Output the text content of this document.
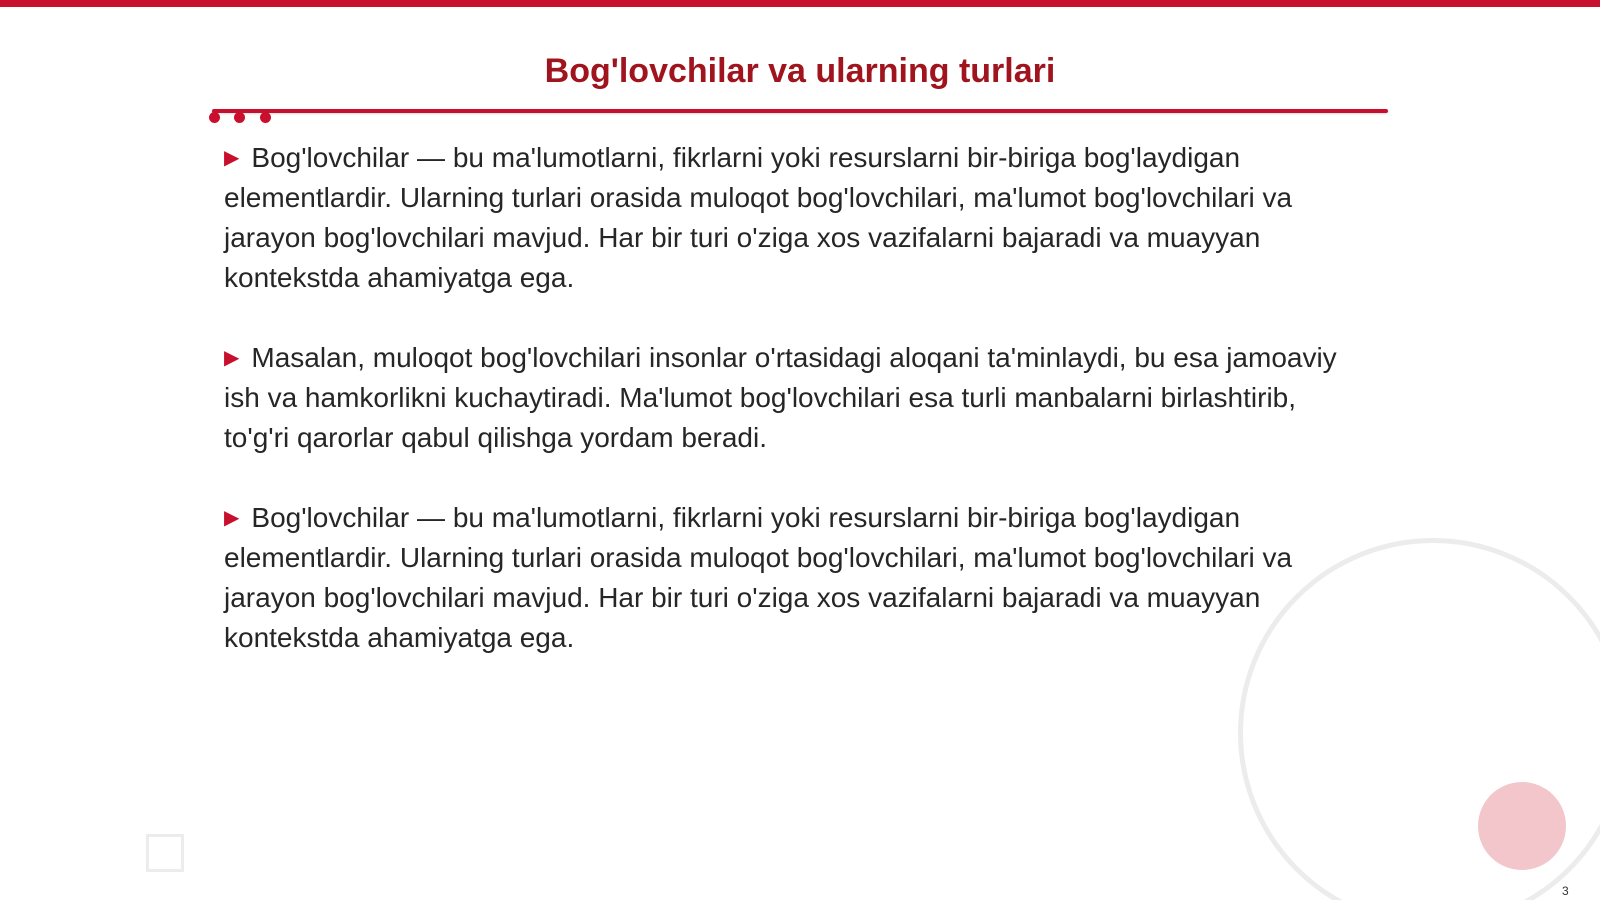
Bog'lovchilar va ularning turlari

▶ Bog'lovchilar — bu ma'lumotlarni, fikrlarni yoki resurslarni bir-biriga bog'laydigan elementlardir. Ularning turlari orasida muloqot bog'lovchilari, ma'lumot bog'lovchilari va jarayon bog'lovchilari mavjud. Har bir turi o'ziga xos vazifalarni bajaradi va muayyan kontekstda ahamiyatga ega.

▶ Masalan, muloqot bog'lovchilari insonlar o'rtasidagi aloqani ta'minlaydi, bu esa jamoaviy ish va hamkorlikni kuchaytiradi. Ma'lumot bog'lovchilari esa turli manbalarni birlashtirib, to'g'ri qarorlar qabul qilishga yordam beradi.

▶ Bog'lovchilar — bu ma'lumotlarni, fikrlarni yoki resurslarni bir-biriga bog'laydigan elementlardir. Ularning turlari orasida muloqot bog'lovchilari, ma'lumot bog'lovchilari va jarayon bog'lovchilari mavjud. Har bir turi o'ziga xos vazifalarni bajaradi va muayyan kontekstda ahamiyatga ega.

3
